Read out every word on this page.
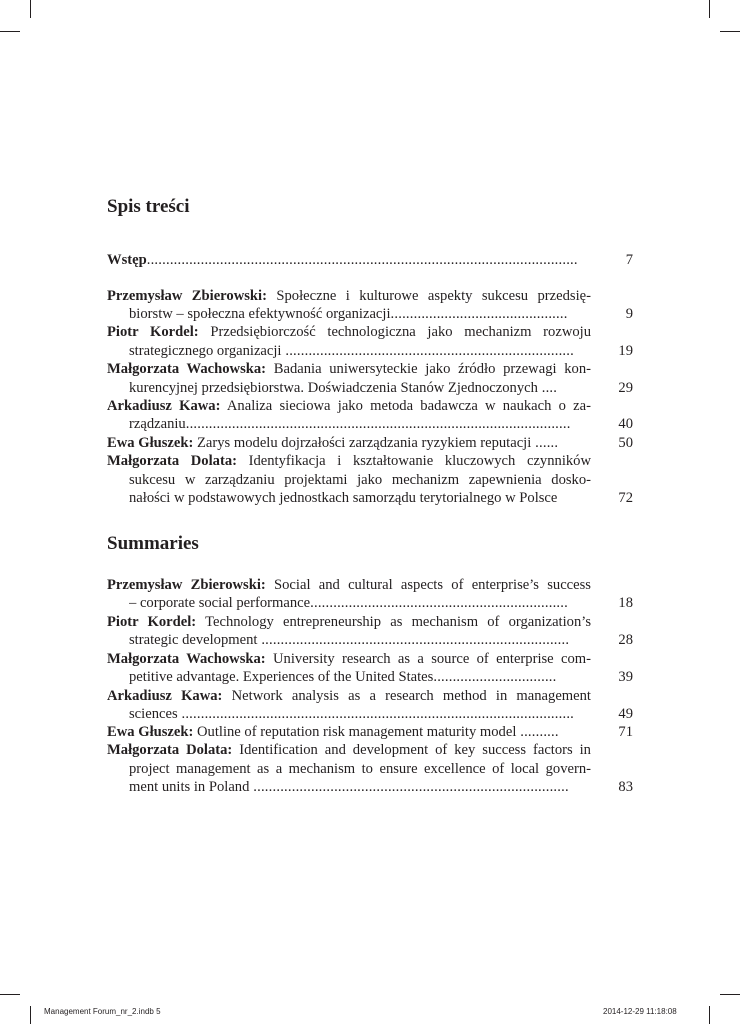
Spis treści
Wstęp................................................................................................................	7
Przemysław Zbierowski: Społeczne i kulturowe aspekty sukcesu przedsię-
biorstw – społeczna efektywność organizacji..............................................	9
Piotr Kordel: Przedsiębiorczość technologiczna jako mechanizm rozwoju
strategicznego organizacji ...........................................................................	19
Małgorzata Wachowska: Badania uniwersyteckie jako źródło przewagi kon-
kurencyjnej przedsiębiorstwa. Doświadczenia Stanów Zjednoczonych ....	29
Arkadiusz Kawa: Analiza sieciowa jako metoda badawcza w naukach o za-
rządzaniu....................................................................................................	40
Ewa Głuszek: Zarys modelu dojrzałości zarządzania ryzykiem reputacji ......	50
Małgorzata Dolata: Identyfikacja i kształtowanie kluczowych czynników
sukcesu w zarządzaniu projektami jako mechanizm zapewnienia dosko-
nałości w podstawowych jednostkach samorządu terytorialnego w Polsce	72
Summaries
Przemysław Zbierowski: Social and cultural aspects of enterprise’s success
– corporate social performance...................................................................	18
Piotr Kordel: Technology entrepreneurship as mechanism of organization’s
strategic development ................................................................................	28
Małgorzata Wachowska: University research as a source of enterprise com-
petitive advantage. Experiences of the United States................................	39
Arkadiusz Kawa: Network analysis as a research method in management
sciences ......................................................................................................	49
Ewa Głuszek: Outline of reputation risk management maturity model ..........	71
Małgorzata Dolata: Identification and development of key success factors in
project management as a mechanism to ensure excellence of local govern-
ment units in Poland ..................................................................................	83
Management Forum_nr_2.indb 5	2014-12-29 11:18:08
